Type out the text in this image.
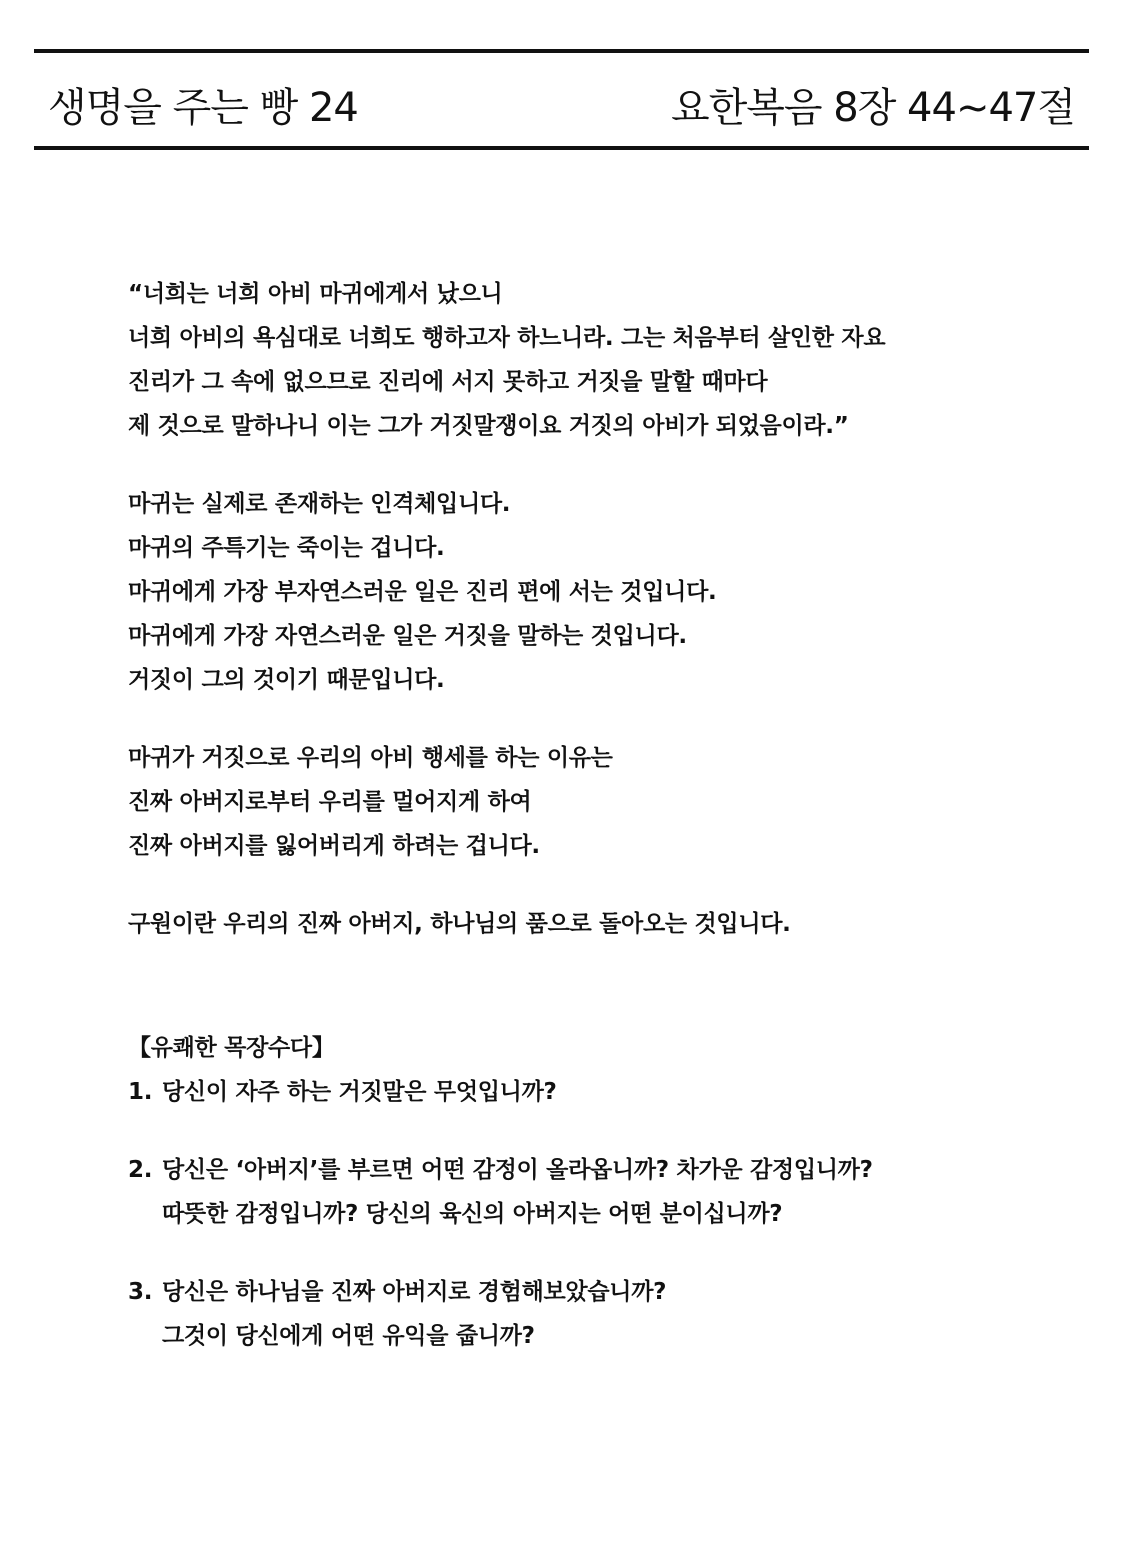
생명을 주는 빵 24	요한복음 8장 44~47절
“너희는 너희 아비 마귀에게서 났으니
너희 아비의 욕심대로 너희도 행하고자 하느니라. 그는 처음부터 살인한 자요
진리가 그 속에 없으므로 진리에 서지 못하고 거짓을 말할 때마다
제 것으로 말하나니 이는 그가 거짓말쟁이요 거짓의 아비가 되었음이라.”
마귀는 실제로 존재하는 인격체입니다.
마귀의 주특기는 죽이는 겁니다.
마귀에게 가장 부자연스러운 일은 진리 편에 서는 것입니다.
마귀에게 가장 자연스러운 일은 거짓을 말하는 것입니다.
거짓이 그의 것이기 때문입니다.
마귀가 거짓으로 우리의 아비 행세를 하는 이유는
진짜 아버지로부터 우리를 멀어지게 하여
진짜 아버지를 잃어버리게 하려는 겁니다.
구원이란 우리의 진짜 아버지, 하나님의 품으로 돌아오는 것입니다.
【유쾌한 목장수다】
1. 당신이 자주 하는 거짓말은 무엇입니까?
2. 당신은 ‘아버지’를 부르면 어떤 감정이 올라옵니까? 차가운 감정입니까?
따뜻한 감정입니까? 당신의 육신의 아버지는 어떤 분이십니까?
3. 당신은 하나님을 진짜 아버지로 경험해보았습니까?
그것이 당신에게 어떤 유익을 줍니까?
